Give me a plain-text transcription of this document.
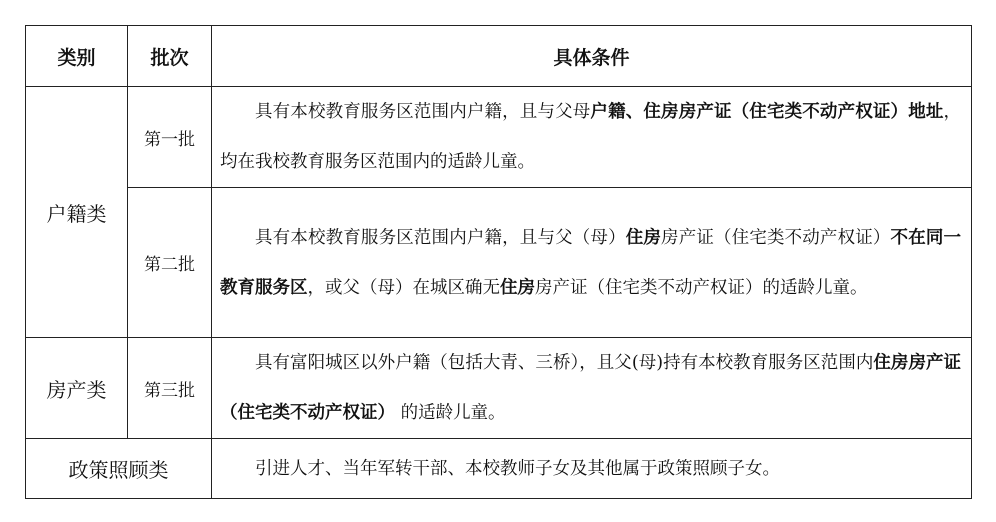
类别	批次	具体条件
户籍类	第一批	具有本校教育服务区范围内户籍，且与父母户籍、住房房产证（住宅类不动产权证）地址，均在我校教育服务区范围内的适龄儿童。
	第二批	具有本校教育服务区范围内户籍，且与父（母）住房房产证（住宅类不动产权证）不在同一教育服务区，或父（母）在城区确无住房房产证（住宅类不动产权证）的适龄儿童。
房产类	第三批	具有富阳城区以外户籍（包括大青、三桥），且父(母)持有本校教育服务区范围内住房房产证（住宅类不动产权证） 的适龄儿童。
政策照顾类		引进人才、当年军转干部、本校教师子女及其他属于政策照顾子女。
